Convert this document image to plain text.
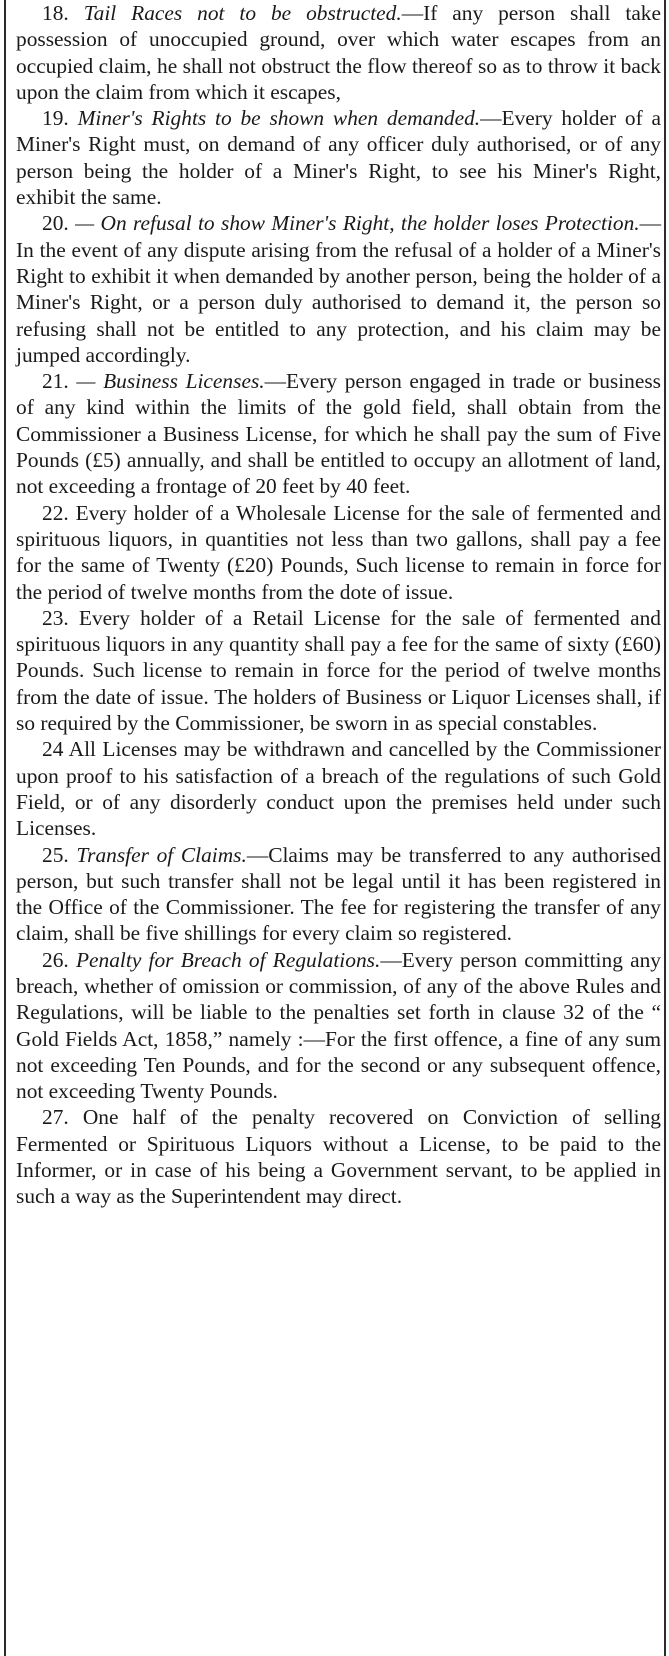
18. Tail Races not to be obstructed.—If any person shall take possession of unoccupied ground, over which water escapes from an occupied claim, he shall not obstruct the flow thereof so as to throw it back upon the claim from which it escapes,

19. Miner's Rights to be shown when demanded.—Every holder of a Miner's Right must, on demand of any officer duly authorised, or of any person being the holder of a Miner's Right, to see his Miner's Right, exhibit the same.

20. — On refusal to show Miner's Right, the holder loses Protection.—In the event of any dispute arising from the refusal of a holder of a Miner's Right to exhibit it when demanded by another person, being the holder of a Miner's Right, or a person duly authorised to demand it, the person so refusing shall not be entitled to any protection, and his claim may be jumped accordingly.

21. — Business Licenses.—Every person engaged in trade or business of any kind within the limits of the gold field, shall obtain from the Commissioner a Business License, for which he shall pay the sum of Five Pounds (£5) annually, and shall be entitled to occupy an allotment of land, not exceeding a frontage of 20 feet by 40 feet.

22. Every holder of a Wholesale License for the sale of fermented and spirituous liquors, in quantities not less than two gallons, shall pay a fee for the same of Twenty (£20) Pounds, Such license to remain in force for the period of twelve months from the dote of issue.

23. Every holder of a Retail License for the sale of fermented and spirituous liquors in any quantity shall pay a fee for the same of sixty (£60) Pounds. Such license to remain in force for the period of twelve months from the date of issue. The holders of Business or Liquor Licenses shall, if so required by the Commissioner, be sworn in as special constables.

24 All Licenses may be withdrawn and cancelled by the Commissioner upon proof to his satisfaction of a breach of the regulations of such Gold Field, or of any disorderly conduct upon the premises held under such Licenses.

25. Transfer of Claims.—Claims may be transferred to any authorised person, but such transfer shall not be legal until it has been registered in the Office of the Commissioner. The fee for registering the transfer of any claim, shall be five shillings for every claim so registered.

26. Penalty for Breach of Regulations.—Every person committing any breach, whether of omission or commission, of any of the above Rules and Regulations, will be liable to the penalties set forth in clause 32 of the “ Gold Fields Act, 1858,” namely :—For the first offence, a fine of any sum not exceeding Ten Pounds, and for the second or any subsequent offence, not exceeding Twenty Pounds.

27. One half of the penalty recovered on Conviction of selling Fermented or Spirituous Liquors without a License, to be paid to the Informer, or in case of his being a Government servant, to be applied in such a way as the Superintendent may direct.
